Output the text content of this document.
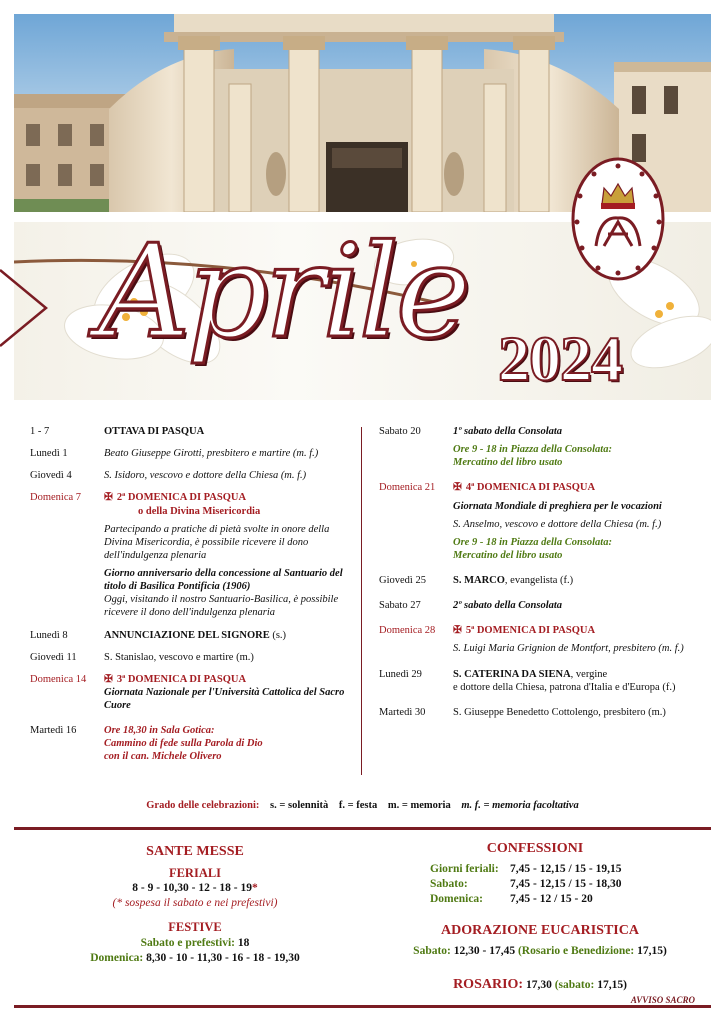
Aprile 2024
1 - 7	OTTAVA DI PASQUA
Lunedì 1	Beato Giuseppe Girotti, presbitero e martire (m. f.)
Giovedì 4	S. Isidoro, vescovo e dottore della Chiesa (m. f.)
Domenica 7	✠ 2ª DOMENICA DI PASQUA
o della Divina Misericordia
Partecipando a pratiche di pietà svolte in onore della Divina Misericordia, è possibile ricevere il dono dell'indulgenza plenaria
Giorno anniversario della concessione al Santuario del titolo di Basilica Pontificia (1906)
Oggi, visitando il nostro Santuario-Basilica, è possibile ricevere il dono dell'indulgenza plenaria
Lunedì 8	ANNUNCIAZIONE DEL SIGNORE (s.)
Giovedì 11	S. Stanislao, vescovo e martire (m.)
Domenica 14	✠ 3ª DOMENICA DI PASQUA
Giornata Nazionale per l'Università Cattolica del Sacro Cuore
Martedì 16	Ore 18,30 in Sala Gotica:
Cammino di fede sulla Parola di Dio
con il can. Michele Olivero
Sabato 20	1º sabato della Consolata
Ore 9 - 18 in Piazza della Consolata:
Mercatino del libro usato
Domenica 21	✠ 4ª DOMENICA DI PASQUA
Giornata Mondiale di preghiera per le vocazioni
S. Anselmo, vescovo e dottore della Chiesa (m. f.)
Ore 9 - 18 in Piazza della Consolata:
Mercatino del libro usato
Giovedì 25	S. MARCO, evangelista (f.)
Sabato 27	2º sabato della Consolata
Domenica 28	✠ 5ª DOMENICA DI PASQUA
S. Luigi Maria Grignion de Montfort, presbitero (m. f.)
Lunedì 29	S. CATERINA DA SIENA, vergine
e dottore della Chiesa, patrona d'Italia e d'Europa (f.)
Martedì 30	S. Giuseppe Benedetto Cottolengo, presbitero (m.)
Grado delle celebrazioni: s. = solennità f. = festa m. = memoria m. f. = memoria facoltativa
SANTE MESSE
FERIALI
8 - 9 - 10,30 - 12 - 18 - 19*
(* sospesa il sabato e nei prefestivi)
FESTIVE
Sabato e prefestivi: 18
Domenica: 8,30 - 10 - 11,30 - 16 - 18 - 19,30
CONFESSIONI
Giorni feriali: 7,45 - 12,15 / 15 - 19,15
Sabato:	7,45 - 12,15 / 15 - 18,30
Domenica:	7,45 - 12 / 15 - 20
ADORAZIONE EUCARISTICA
Sabato: 12,30 - 17,45 (Rosario e Benedizione: 17,15)
ROSARIO: 17,30 (sabato: 17,15)
AVVISO SACRO
